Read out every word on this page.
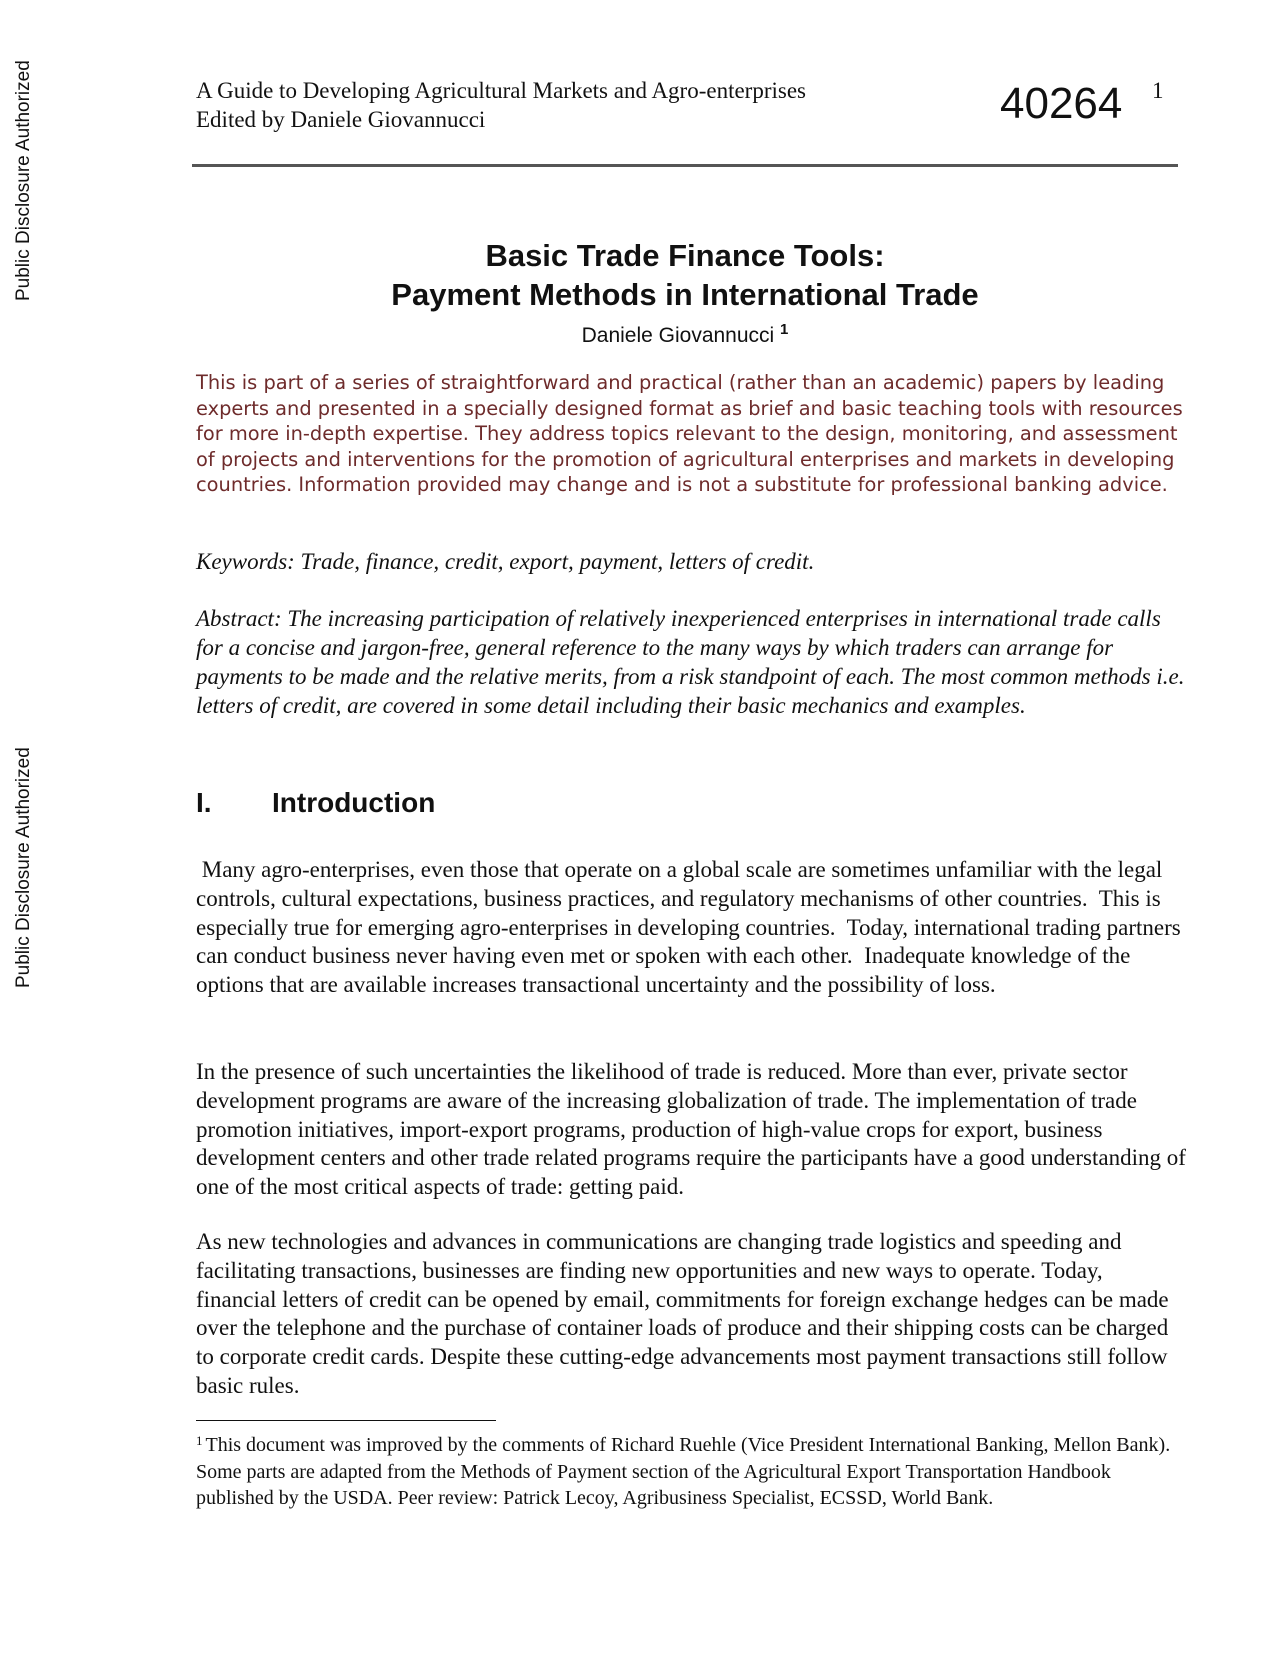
Public Disclosure Authorized
Public Disclosure Authorized
A Guide to Developing Agricultural Markets and Agro-enterprises
Edited by Daniele Giovannucci	40264 1

Basic Trade Finance Tools:

Payment Methods in International Trade

Daniele Giovannucci $^1$
This is part of a series of straightforward and practical (rather than an academic) papers by leading experts and presented in a specially designed format as brief and basic teaching tools with resources for more in-depth expertise. They address topics relevant to the design, monitoring, and assessment of projects and interventions for the promotion of agricultural enterprises and markets in developing countries. Information provided may change and is not a substitute for professional banking advice.
Keywords: Trade, finance, credit, export, payment, letters of credit.
Abstract: The increasing participation of relatively inexperienced enterprises in international trade calls for a concise and jargon-free, general reference to the many ways by which traders can arrange for payments to be made and the relative merits, from a risk standpoint of each. The most common methods i.e. letters of credit, are covered in some detail including their basic mechanics and examples.
I. Introduction
Many agro-enterprises, even those that operate on a global scale are sometimes unfamiliar with the legal controls, cultural expectations, business practices, and regulatory mechanisms of other countries.  This is especially true for emerging agro-enterprises in developing countries.  Today, international trading partners can conduct business never having even met or spoken with each other.  Inadequate knowledge of the options that are available increases transactional uncertainty and the possibility of loss.
In the presence of such uncertainties the likelihood of trade is reduced. More than ever, private sector development programs are aware of the increasing globalization of trade. The implementation of trade promotion initiatives, import-export programs, production of high-value crops for export, business development centers and other trade related programs require the participants have a good understanding of one of the most critical aspects of trade: getting paid.
As new technologies and advances in communications are changing trade logistics and speeding and facilitating transactions, businesses are finding new opportunities and new ways to operate. Today, financial letters of credit can be opened by email, commitments for foreign exchange hedges can be made over the telephone and the purchase of container loads of produce and their shipping costs can be charged to corporate credit cards. Despite these cutting-edge advancements most payment transactions still follow basic rules.
$^1$ This document was improved by the comments of Richard Ruehle (Vice President International Banking, Mellon Bank). Some parts are adapted from the Methods of Payment section of the Agricultural Export Transportation Handbook published by the USDA. Peer review: Patrick Lecoy, Agribusiness Specialist, ECSSD, World Bank.
